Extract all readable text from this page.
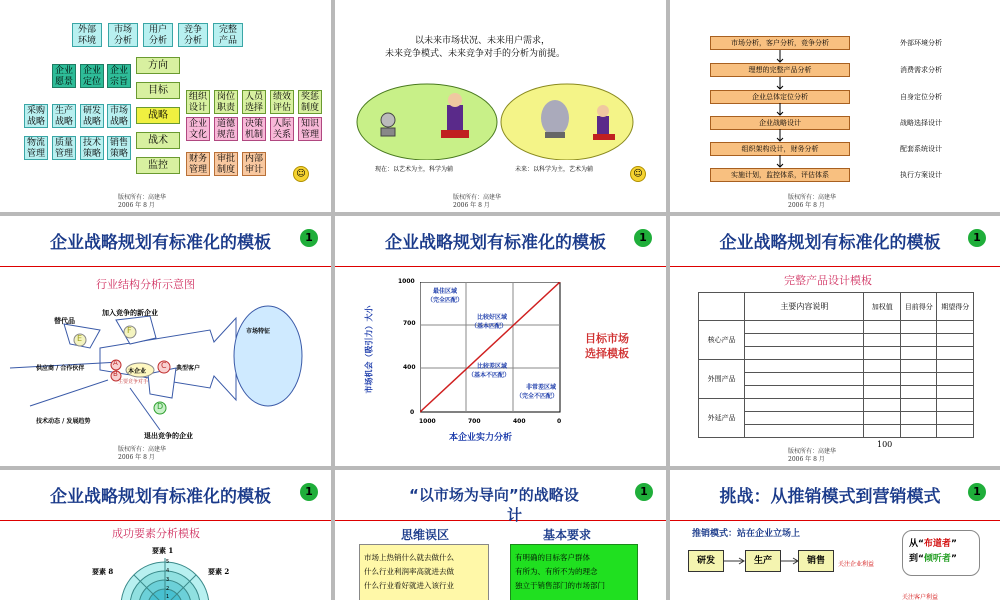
外部环境
市场分析
用户分析
竞争分析
完整产品
企业愿景
企业定位
企业宗旨
方向
目标
战略
战术
监控
组织设计
岗位职责
人员选择
绩效评估
奖惩制度
企业文化
道德规范
决策机制
人际关系
知识管理
财务管理
审批制度
内部审计
采购战略
生产战略
研发战略
市场战略
物流管理
质量管理
技术策略
销售策略
☺
版权所有：高建华
2006 年 8 月
以未来市场状况、未来用户需求，
未来竞争模式、未来竞争对手的分析为前提。
现在：以艺术为主，科学为辅	未来：以科学为主，艺术为辅	☺
版权所有：高建华
2006 年 8 月
市场分析，客户分析，竞争分析
理想的完整产品分析
企业总体定位分析
企业战略设计
组织架构设计，财务分析
实施计划，监控体系，评估体系
外部环境分析
消费需求分析
自身定位分析
战略选择设计
配套系统设计
执行方案设计
版权所有：高建华
2006 年 8 月
企业战略规划有标准化的模板	1
行业结构分析示意图
E
F
A
B
C
D
本企业
主要竞争对手
替代品
加入竞争的新企业
供应商 / 合作伙伴
技术动态 / 发展趋势
退出竞争的企业
典型客户
市场特征
版权所有：高建华
2006 年 8 月
企业战略规划有标准化的模板	1
最佳区域
（完全匹配）
比较好区域
（基本匹配）
比较差区域
（基本不匹配）
非常差区域
（完全不匹配）
1000
700
400
0
1000	700	400	0
市场机会（吸引力）大小
本企业实力分析
目标市场
选择模板
企业战略规划有标准化的模板	1
完整产品设计模板
	主要内容说明	加权值	目前得分	期望得分
核心产品				

外围产品				

外延产品				

100
版权所有：高建华
2006 年 8 月
企业战略规划有标准化的模板	1
成功要素分析模板
5
4
3
2
1
要素 1
要素 8	要素 2
“以市场为导向”的战略设
计
1
思维误区	基本要求
市场上热销什么就去做什么
什么行业利润率高就进去做
什么行业看好就进入该行业
有明确的目标客户群体
有所为、有所不为的理念
独立于销售部门的市场部门
挑战：从推销模式到营销模式	1
推销模式：站在企业立场上
研发	生产	销售	关注企业利益
关注客户利益
从“布道者”
到“倾听者”
